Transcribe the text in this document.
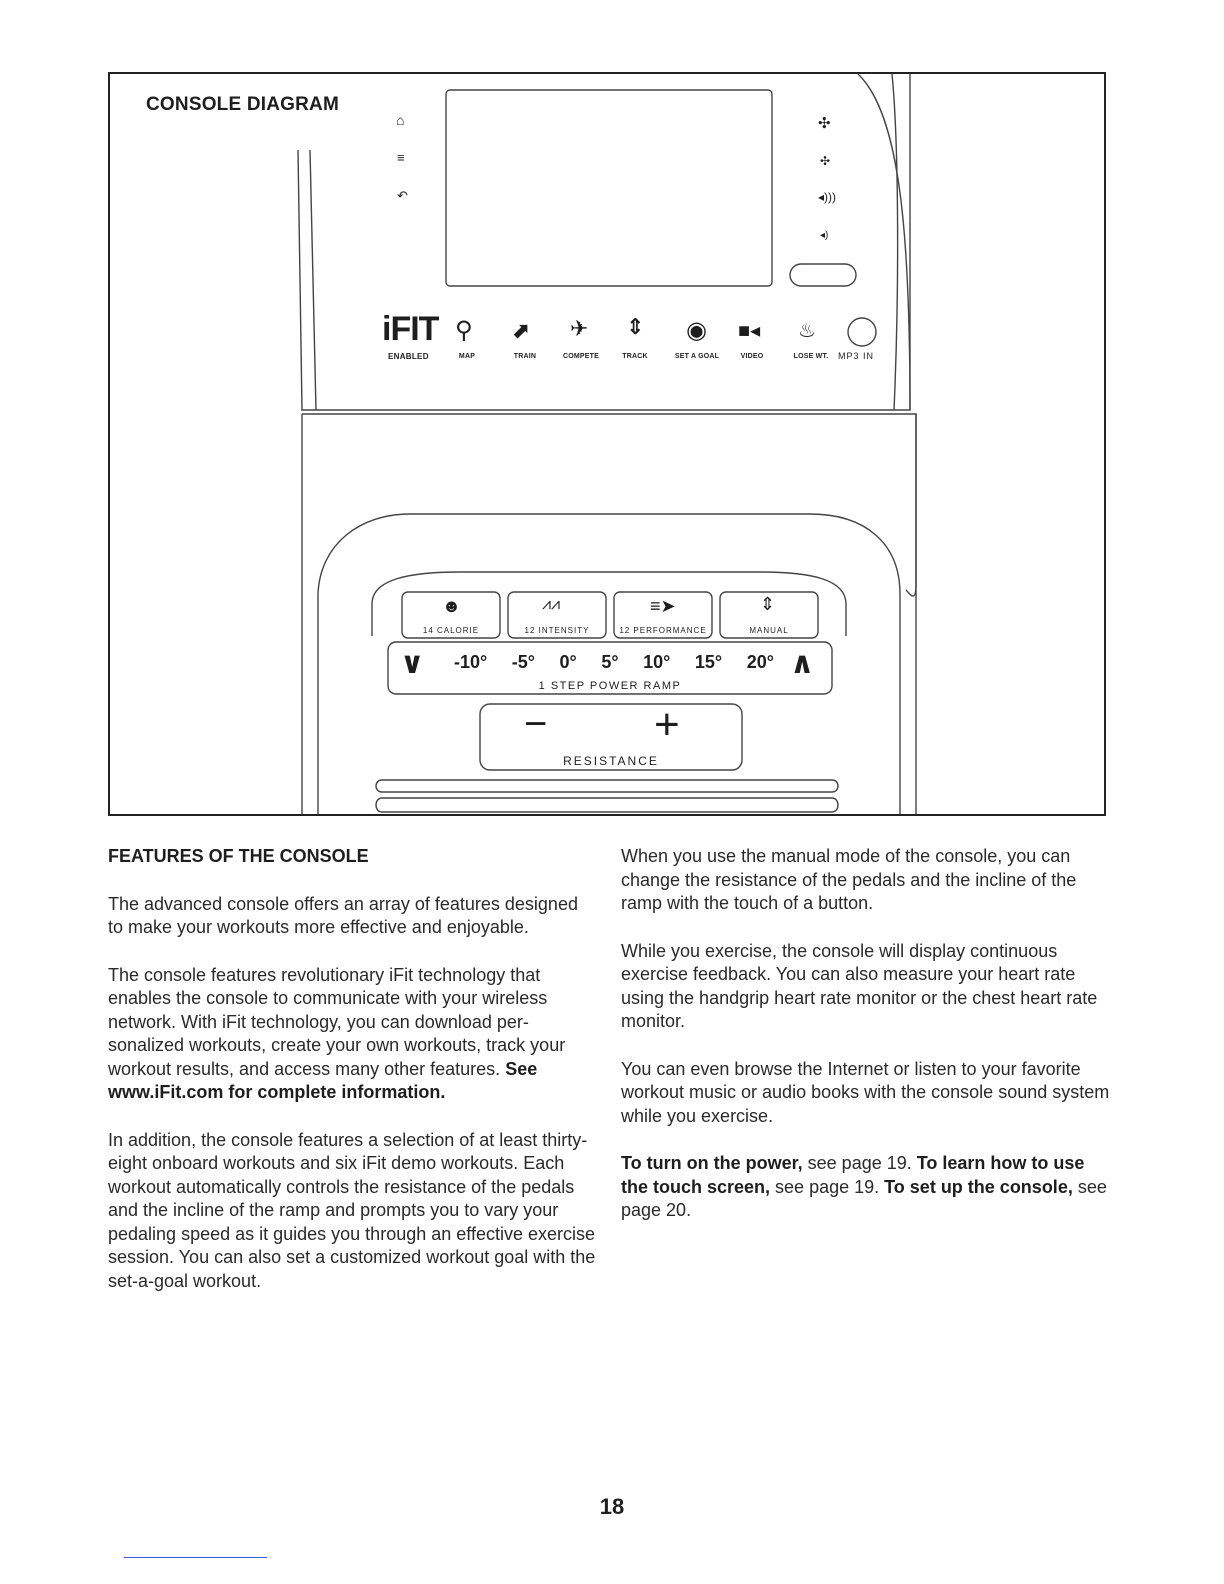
CONSOLE DIAGRAM
⌂
≡
↶
✣
✣
◂)))
◂)
iFIT
ENABLED
⚲
MAP
⬈
TRAIN
✈
COMPETE
⇕
TRACK
◉
SET A GOAL
■◂
VIDEO
♨
LOSE WT.	MP3 IN
☻
14 CALORIE
⩘⩘
12 INTENSITY
≡➤
12 PERFORMANCE
⇕
MANUAL
∨ -10° -5° 0° 5° 10° 15° 20° ∧
1 STEP POWER RAMP
− +
RESISTANCE

FEATURES OF THE CONSOLE

The advanced console offers an array of features designed to make your workouts more effective and enjoyable.

The console features revolutionary iFit technology that enables the console to communicate with your wireless network. With iFit technology, you can download per-sonalized workouts, create your own workouts, track your workout results, and access many other features. See www.iFit.com for complete information.

In addition, the console features a selection of at least thirty-eight onboard workouts and six iFit demo workouts. Each workout automatically controls the resistance of the pedals and the incline of the ramp and prompts you to vary your pedaling speed as it guides you through an effective exercise session. You can also set a customized workout goal with the set-a-goal workout.

When you use the manual mode of the console, you can change the resistance of the pedals and the incline of the ramp with the touch of a button.

While you exercise, the console will display continuous exercise feedback. You can also measure your heart rate using the handgrip heart rate monitor or the chest heart rate monitor.

You can even browse the Internet or listen to your favorite workout music or audio books with the console sound system while you exercise.

To turn on the power, see page 19. To learn how to use the touch screen, see page 19. To set up the console, see page 20.

18
